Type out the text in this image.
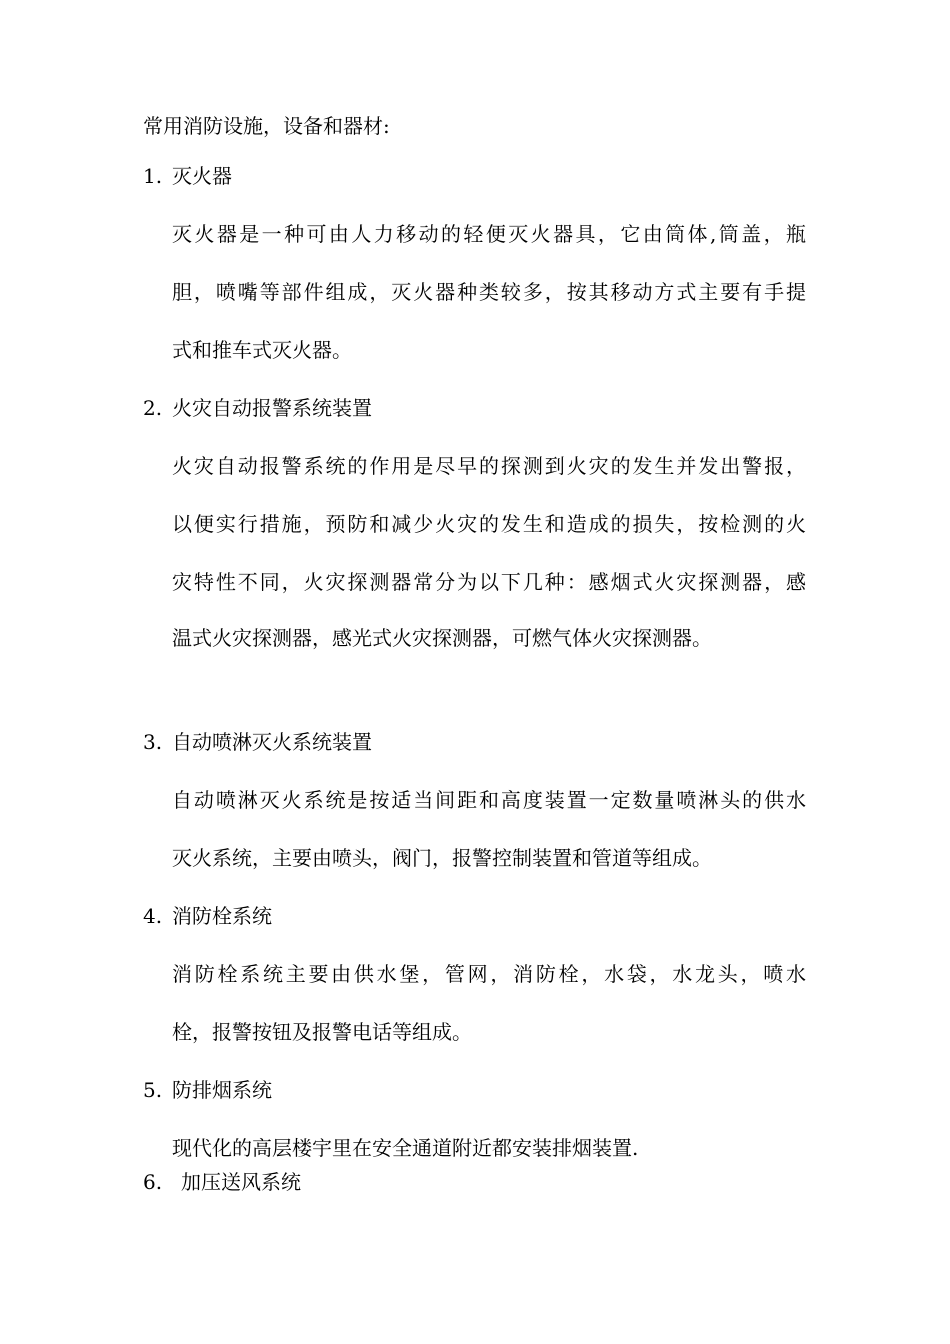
常用消防设施，设备和器材:
1. 灭火器
灭火器是一种可由人力移动的轻便灭火器具，它由筒体,筒盖，瓶
胆，喷嘴等部件组成，灭火器种类较多，按其移动方式主要有手提
式和推车式灭火器。
2. 火灾自动报警系统装置
火灾自动报警系统的作用是尽早的探测到火灾的发生并发出警报，
以便实行措施，预防和减少火灾的发生和造成的损失，按检测的火
灾特性不同，火灾探测器常分为以下几种：感烟式火灾探测器，感
温式火灾探测器，感光式火灾探测器，可燃气体火灾探测器。
3. 自动喷淋灭火系统装置
自动喷淋灭火系统是按适当间距和高度装置一定数量喷淋头的供水
灭火系统，主要由喷头，阀门，报警控制装置和管道等组成。
4. 消防栓系统
消防栓系统主要由供水堡，管网，消防栓，水袋，水龙头，喷水
栓，报警按钮及报警电话等组成。
5. 防排烟系统
现代化的高层楼宇里在安全通道附近都安装排烟装置.
6. 加压送风系统
